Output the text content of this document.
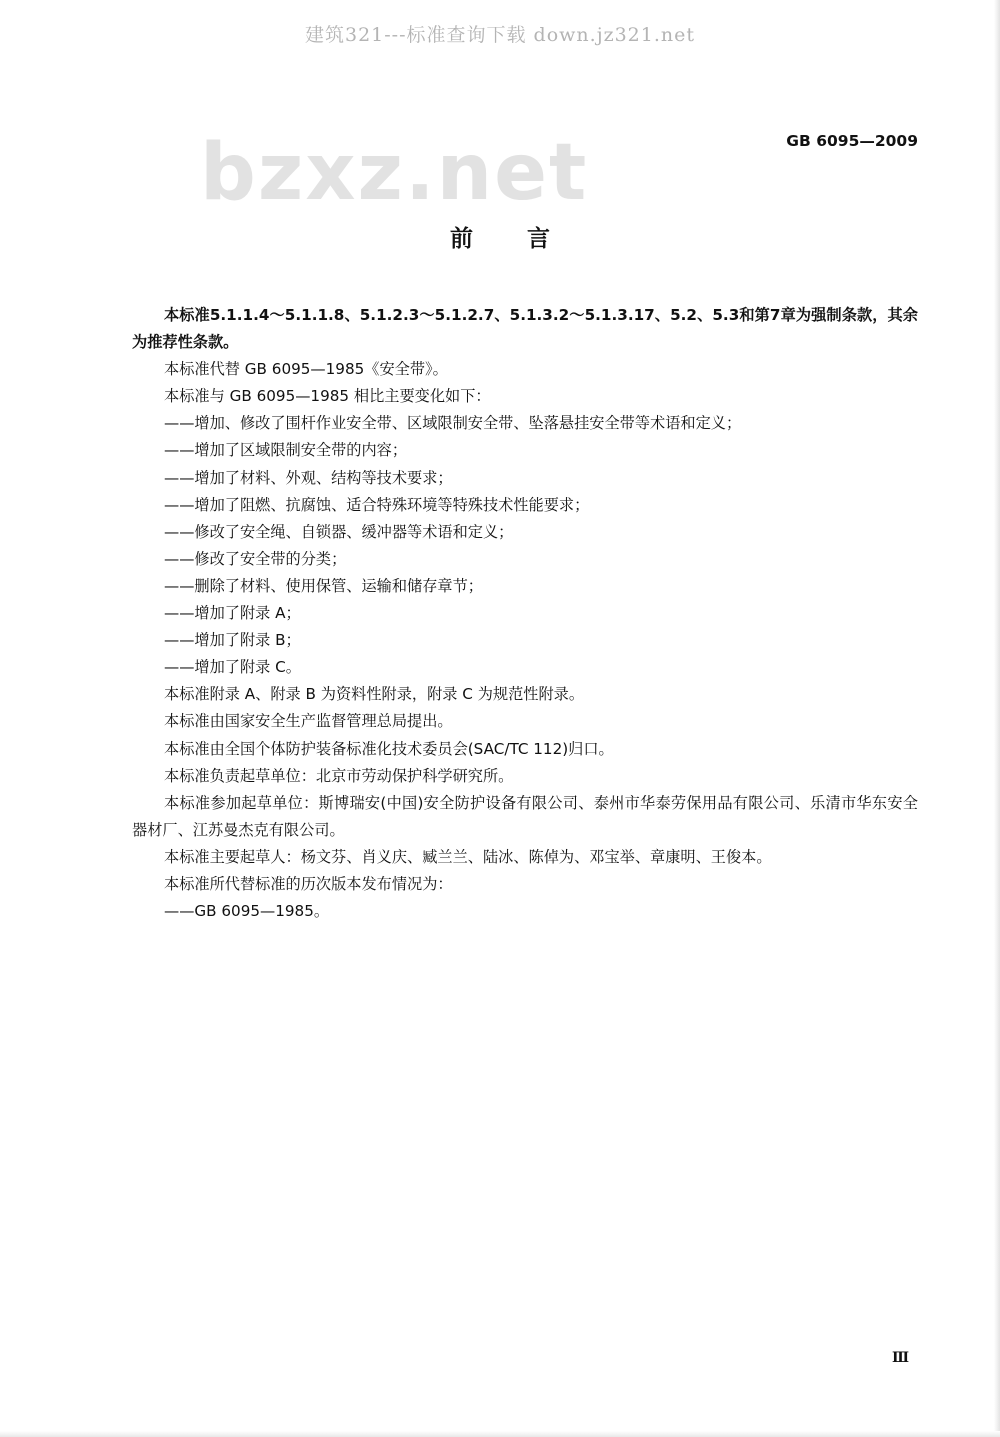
建筑321---标准查询下载 down.jz321.net
bzxz.net	GB 6095—2009
前言

本标准5.1.1.4～5.1.1.8、5.1.2.3～5.1.2.7、5.1.3.2～5.1.3.17、5.2、5.3和第7章为强制条款，其余为推荐性条款。

本标准代替 GB 6095—1985《安全带》。

本标准与 GB 6095—1985 相比主要变化如下：

——增加、修改了围杆作业安全带、区域限制安全带、坠落悬挂安全带等术语和定义；

——增加了区域限制安全带的内容；

——增加了材料、外观、结构等技术要求；

——增加了阻燃、抗腐蚀、适合特殊环境等特殊技术性能要求；

——修改了安全绳、自锁器、缓冲器等术语和定义；

——修改了安全带的分类；

——删除了材料、使用保管、运输和储存章节；

——增加了附录 A；

——增加了附录 B；

——增加了附录 C。

本标准附录 A、附录 B 为资料性附录，附录 C 为规范性附录。

本标准由国家安全生产监督管理总局提出。

本标准由全国个体防护装备标准化技术委员会(SAC/TC 112)归口。

本标准负责起草单位：北京市劳动保护科学研究所。

本标准参加起草单位：斯博瑞安(中国)安全防护设备有限公司、泰州市华泰劳保用品有限公司、乐清市华东安全器材厂、江苏曼杰克有限公司。

本标准主要起草人：杨文芬、肖义庆、臧兰兰、陆冰、陈倬为、邓宝举、章康明、王俊本。

本标准所代替标准的历次版本发布情况为：

——GB 6095—1985。

Ⅲ
